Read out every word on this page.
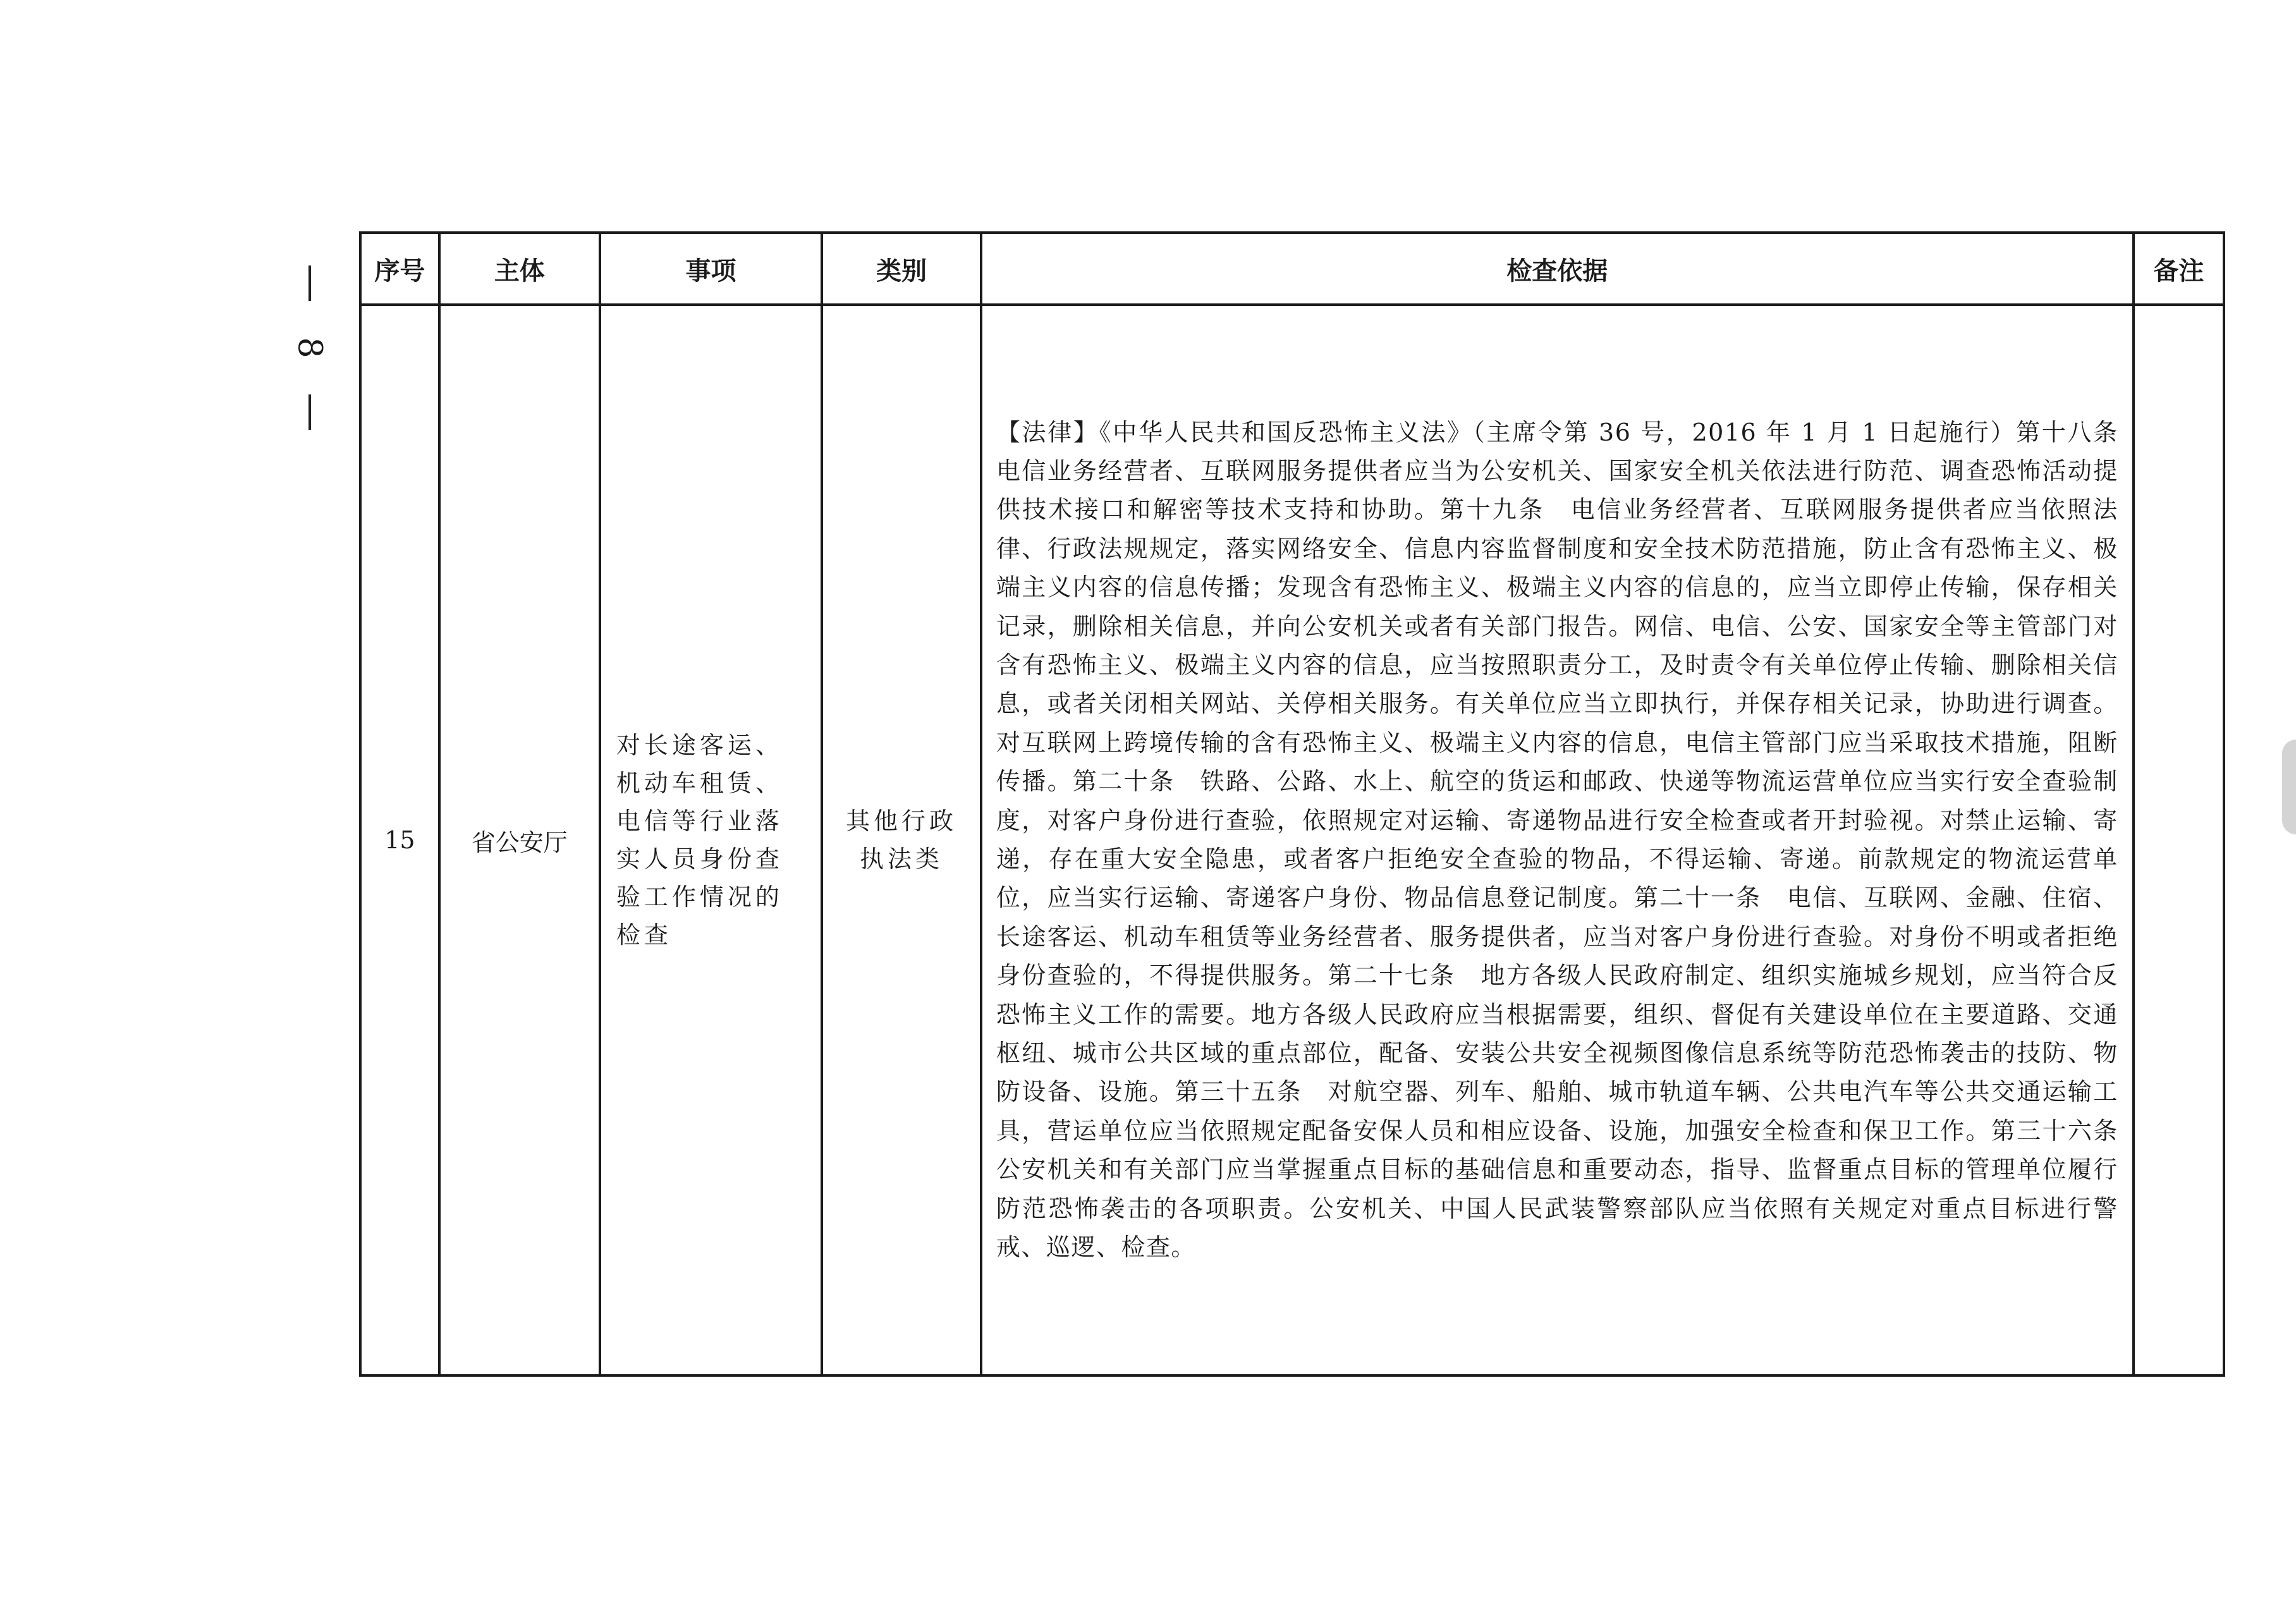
8
序号	主体	事项	类别	检查依据	备注
15	省公安厅	对长途客运、机动车租赁、电信等行业落实人员身份查验工作情况的检查	其他行政执法类	【法律】《中华人民共和国反恐怖主义法》（主席令第 36 号，2016 年 1 月 1 日起施行）第十八条　电信业务经营者、互联网服务提供者应当为公安机关、国家安全机关依法进行防范、调查恐怖活动提供技术接口和解密等技术支持和协助。第十九条　电信业务经营者、互联网服务提供者应当依照法律、行政法规规定，落实网络安全、信息内容监督制度和安全技术防范措施，防止含有恐怖主义、极端主义内容的信息传播；发现含有恐怖主义、极端主义内容的信息的，应当立即停止传输，保存相关记录，删除相关信息，并向公安机关或者有关部门报告。网信、电信、公安、国家安全等主管部门对含有恐怖主义、极端主义内容的信息，应当按照职责分工，及时责令有关单位停止传输、删除相关信息，或者关闭相关网站、关停相关服务。有关单位应当立即执行，并保存相关记录，协助进行调查。对互联网上跨境传输的含有恐怖主义、极端主义内容的信息，电信主管部门应当采取技术措施，阻断传播。第二十条　铁路、公路、水上、航空的货运和邮政、快递等物流运营单位应当实行安全查验制度，对客户身份进行查验，依照规定对运输、寄递物品进行安全检查或者开封验视。对禁止运输、寄递，存在重大安全隐患，或者客户拒绝安全查验的物品，不得运输、寄递。前款规定的物流运营单位，应当实行运输、寄递客户身份、物品信息登记制度。第二十一条　电信、互联网、金融、住宿、长途客运、机动车租赁等业务经营者、服务提供者，应当对客户身份进行查验。对身份不明或者拒绝身份查验的，不得提供服务。第二十七条　地方各级人民政府制定、组织实施城乡规划，应当符合反恐怖主义工作的需要。地方各级人民政府应当根据需要，组织、督促有关建设单位在主要道路、交通枢纽、城市公共区域的重点部位，配备、安装公共安全视频图像信息系统等防范恐怖袭击的技防、物防设备、设施。第三十五条　对航空器、列车、船舶、城市轨道车辆、公共电汽车等公共交通运输工具，营运单位应当依照规定配备安保人员和相应设备、设施，加强安全检查和保卫工作。第三十六条　公安机关和有关部门应当掌握重点目标的基础信息和重要动态，指导、监督重点目标的管理单位履行防范恐怖袭击的各项职责。公安机关、中国人民武装警察部队应当依照有关规定对重点目标进行警戒、巡逻、检查。	
